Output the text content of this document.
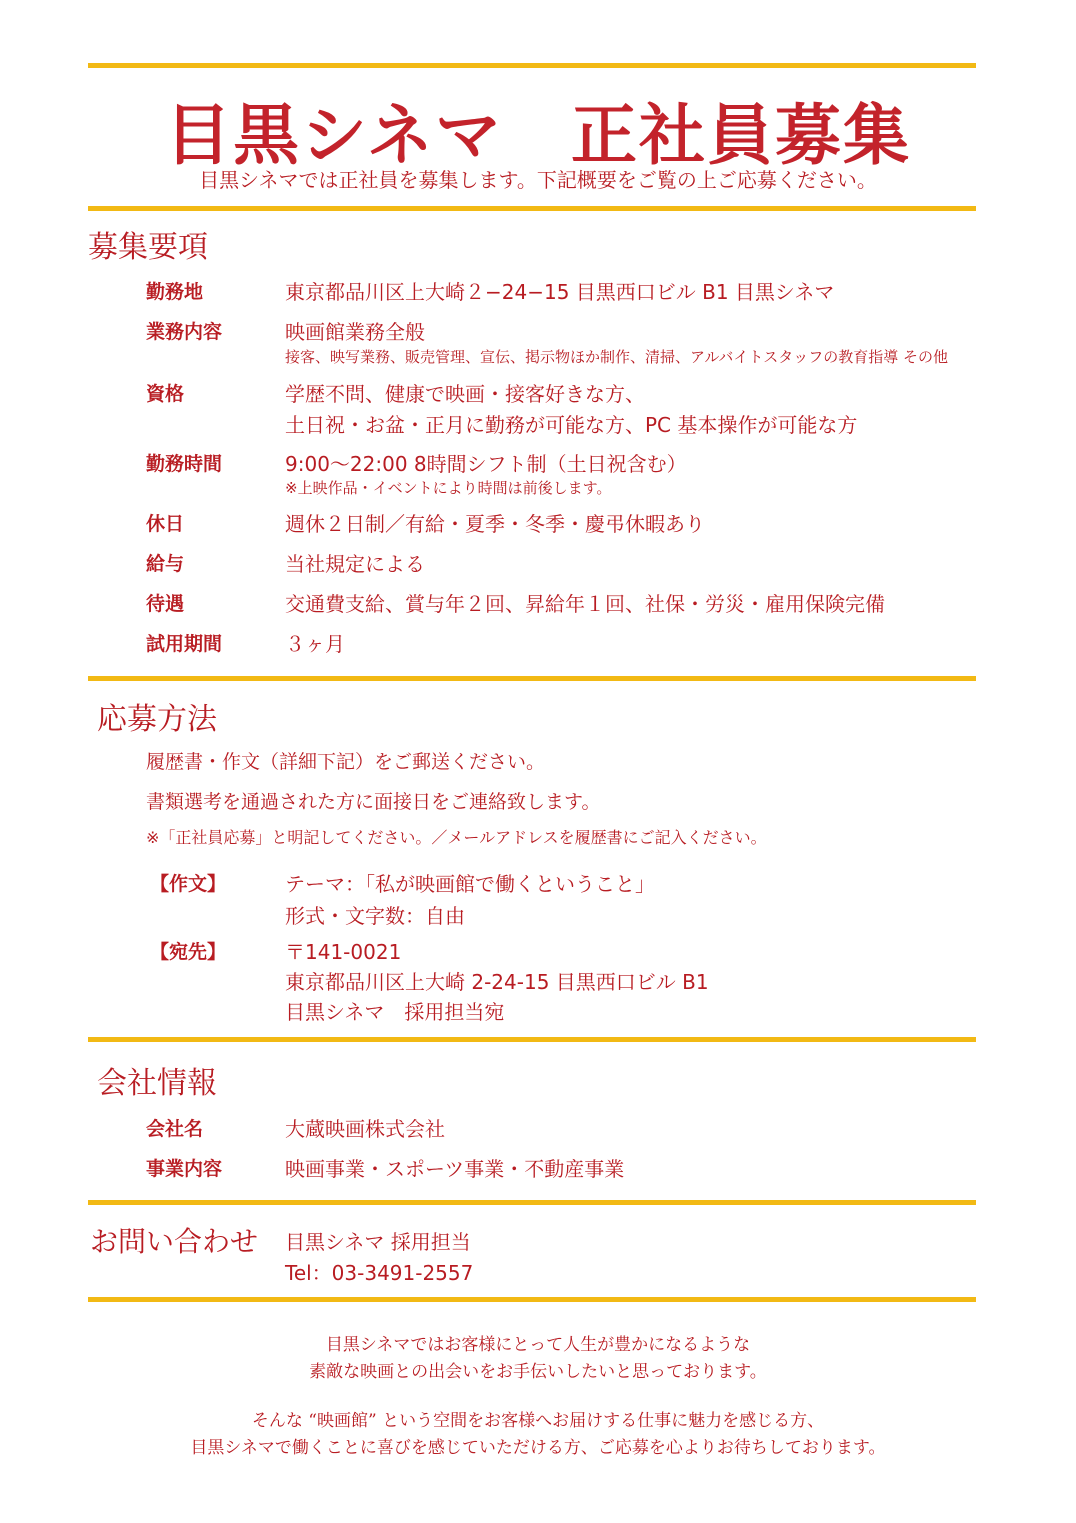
目黒シネマ　正社員募集
目黒シネマでは正社員を募集します。下記概要をご覧の上ご応募ください。
募集要項
勤務地	東京都品川区上大崎２−24−15 目黒西口ビル B1 目黒シネマ
業務内容	映画館業務全般
接客、映写業務、販売管理、宣伝、掲示物ほか制作、清掃、アルバイトスタッフの教育指導 その他
資格	学歴不問、健康で映画・接客好きな方、
土日祝・お盆・正月に勤務が可能な方、PC 基本操作が可能な方
勤務時間	9:00〜22:00 8時間シフト制（土日祝含む）
※上映作品・イベントにより時間は前後します。
休日	週休２日制／有給・夏季・冬季・慶弔休暇あり
給与	当社規定による
待遇	交通費支給、賞与年２回、昇給年１回、社保・労災・雇用保険完備
試用期間	３ヶ月
応募方法
履歴書・作文（詳細下記）をご郵送ください。
書類選考を通過された方に面接日をご連絡致します。
※「正社員応募」と明記してください。／メールアドレスを履歴書にご記入ください。
【作文】	テーマ：「私が映画館で働くということ」
形式・文字数：自由
【宛先】	〒141-0021
東京都品川区上大崎 2-24-15 目黒西口ビル B1
目黒シネマ　採用担当宛
会社情報
会社名	大蔵映画株式会社
事業内容	映画事業・スポーツ事業・不動産事業
お問い合わせ 目黒シネマ 採用担当
Tel：03-3491-2557
目黒シネマではお客様にとって人生が豊かになるような
素敵な映画との出会いをお手伝いしたいと思っております。
そんな “映画館” という空間をお客様へお届けする仕事に魅力を感じる方、
目黒シネマで働くことに喜びを感じていただける方、ご応募を心よりお待ちしております。
